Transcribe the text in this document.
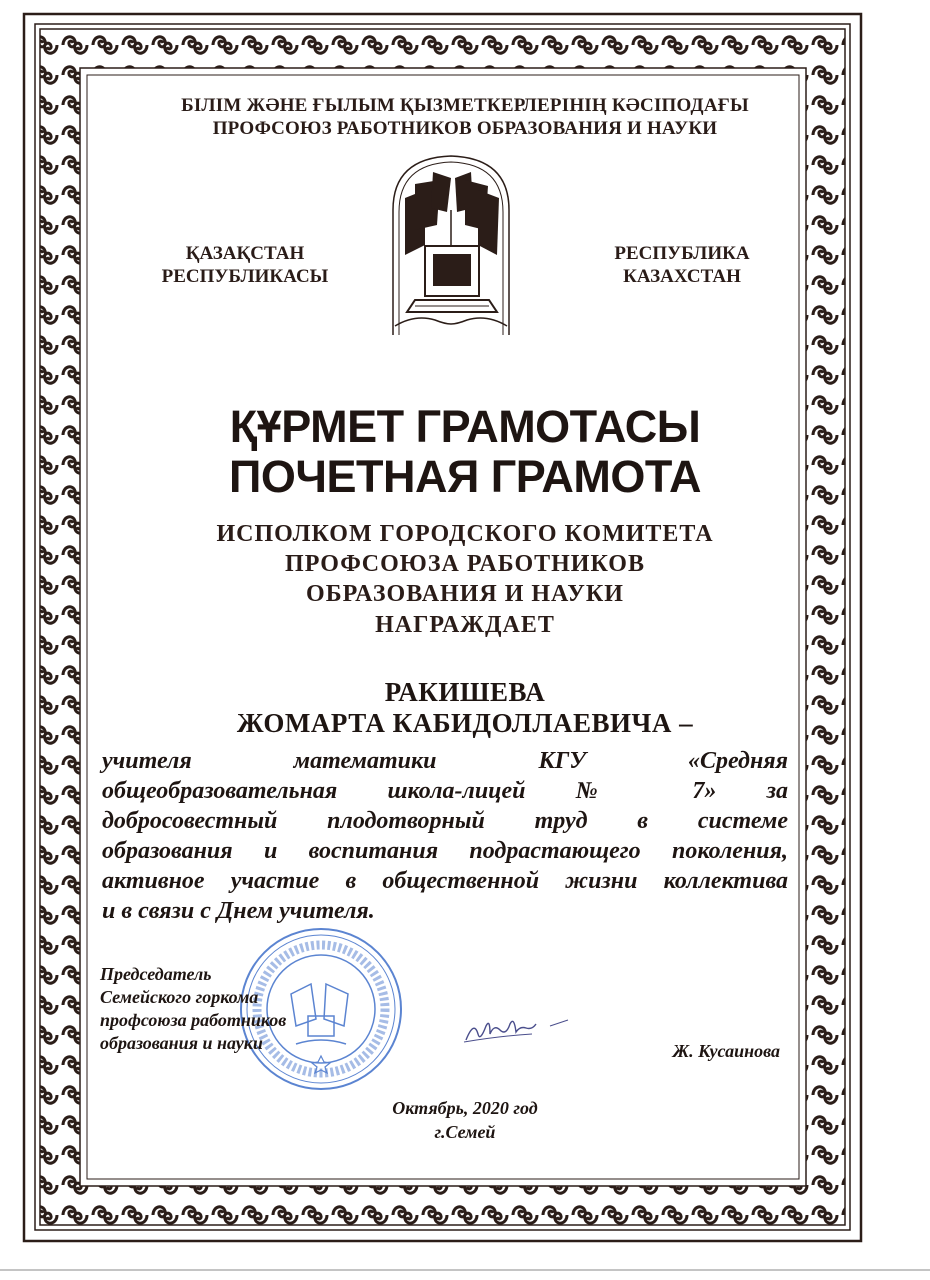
БІЛІМ ЖӘНЕ ҒЫЛЫМ ҚЫЗМЕТКЕРЛЕРІНІҢ КӘСІПОДАҒЫ

ПРОФСОЮЗ РАБОТНИКОВ ОБРАЗОВАНИЯ И НАУКИ

ҚАЗАҚСТАН
РЕСПУБЛИКАСЫ

РЕСПУБЛИКА
КАЗАХСТАН

ҚҰРМЕТ ГРАМОТАСЫ

ПОЧЕТНАЯ ГРАМОТА

ИСПОЛКОМ ГОРОДСКОГО КОМИТЕТА

ПРОФСОЮЗА РАБОТНИКОВ

ОБРАЗОВАНИЯ И НАУКИ

НАГРАЖДАЕТ

РАКИШЕВА

ЖОМАРТА КАБИДОЛЛАЕВИЧА –

учителя математики КГУ «Средняя
общеобразовательная школа-лицей № 7» за
добросовестный плодотворный труд в системе
образования и воспитания подрастающего поколения,
активное участие в общественной жизни коллектива
и в связи с Днем учителя.

Председатель
Семейского горкома
профсоюза работников
образования и науки	Ж. Кусаинова

Октябрь, 2020 год

г.Семей
